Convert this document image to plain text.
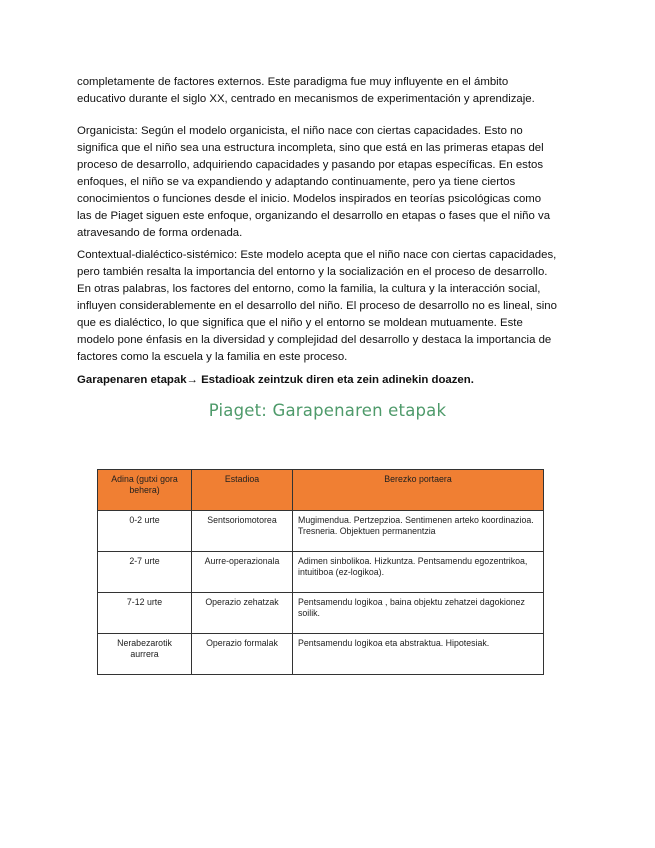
completamente de factores externos. Este paradigma fue muy influyente en el ámbito educativo durante el siglo XX, centrado en mecanismos de experimentación y aprendizaje.

Organicista: Según el modelo organicista, el niño nace con ciertas capacidades. Esto no significa que el niño sea una estructura incompleta, sino que está en las primeras etapas del proceso de desarrollo, adquiriendo capacidades y pasando por etapas específicas. En estos enfoques, el niño se va expandiendo y adaptando continuamente, pero ya tiene ciertos conocimientos o funciones desde el inicio. Modelos inspirados en teorías psicológicas como las de Piaget siguen este enfoque, organizando el desarrollo en etapas o fases que el niño va atravesando de forma ordenada.

Contextual-dialéctico-sistémico: Este modelo acepta que el niño nace con ciertas capacidades, pero también resalta la importancia del entorno y la socialización en el proceso de desarrollo. En otras palabras, los factores del entorno, como la familia, la cultura y la interacción social, influyen considerablemente en el desarrollo del niño. El proceso de desarrollo no es lineal, sino que es dialéctico, lo que significa que el niño y el entorno se moldean mutuamente. Este modelo pone énfasis en la diversidad y complejidad del desarrollo y destaca la importancia de factores como la escuela y la familia en este proceso.

Garapenaren etapak→ Estadioak zeintzuk diren eta zein adinekin doazen.

Piaget: Garapenaren etapak

Adina (gutxi gora behera)	Estadioa	Berezko portaera
0-2 urte	Sentsoriomotorea	Mugimendua. Pertzepzioa. Sentimenen arteko koordinazioa. Tresneria. Objektuen permanentzia
2-7 urte	Aurre-operazionala	Adimen sinbolikoa. Hizkuntza. Pentsamendu egozentrikoa, intuitiboa (ez-logikoa).
7-12 urte	Operazio zehatzak	Pentsamendu logikoa , baina objektu zehatzei dagokionez soilik.
Nerabezarotik aurrera	Operazio formalak	Pentsamendu logikoa eta abstraktua. Hipotesiak.
